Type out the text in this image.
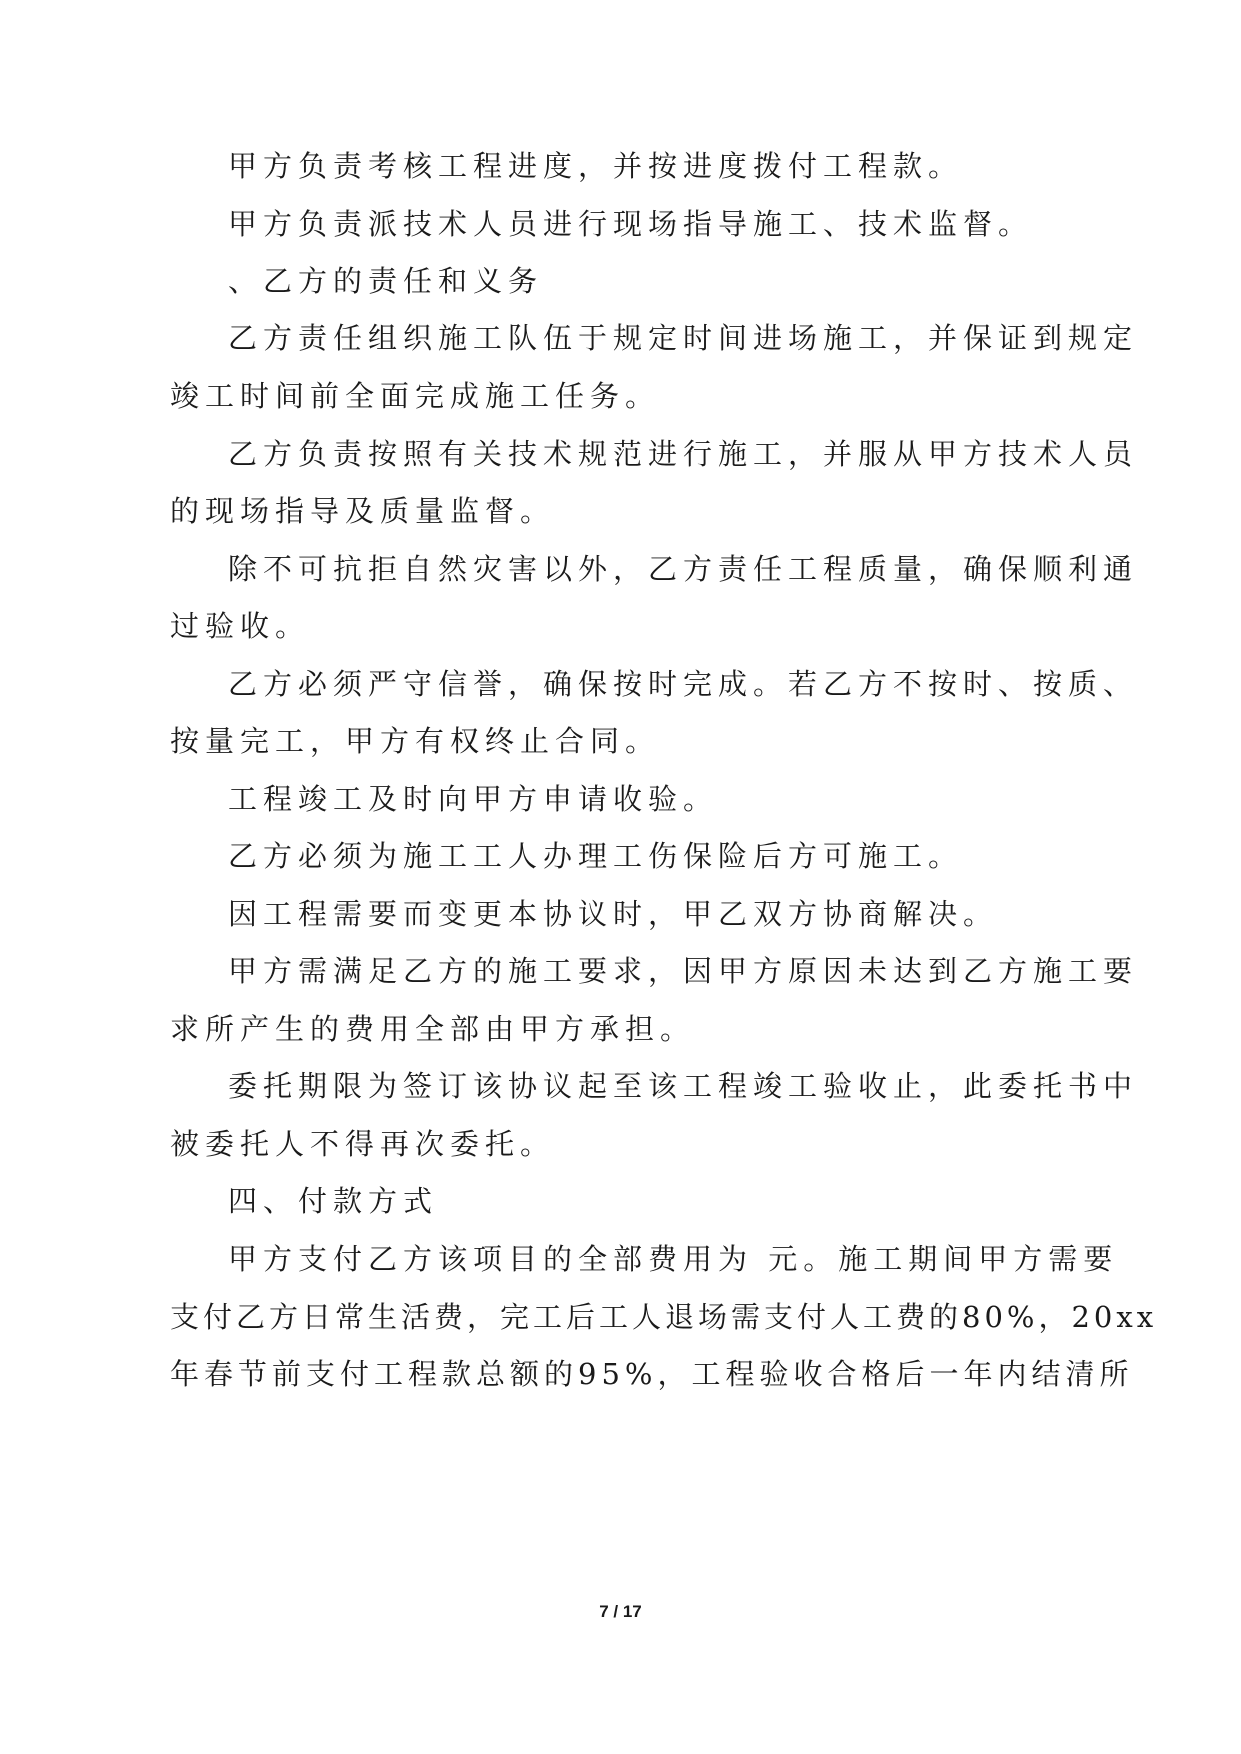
甲方负责考核工程进度，并按进度拨付工程款。
甲方负责派技术人员进行现场指导施工、技术监督。
、乙方的责任和义务
乙方责任组织施工队伍于规定时间进场施工，并保证到规定
竣工时间前全面完成施工任务。
乙方负责按照有关技术规范进行施工，并服从甲方技术人员
的现场指导及质量监督。
除不可抗拒自然灾害以外，乙方责任工程质量，确保顺利通
过验收。
乙方必须严守信誉，确保按时完成。若乙方不按时、按质、
按量完工，甲方有权终止合同。
工程竣工及时向甲方申请收验。
乙方必须为施工工人办理工伤保险后方可施工。
因工程需要而变更本协议时，甲乙双方协商解决。
甲方需满足乙方的施工要求，因甲方原因未达到乙方施工要
求所产生的费用全部由甲方承担。
委托期限为签订该协议起至该工程竣工验收止，此委托书中
被委托人不得再次委托。
四、付款方式
甲方支付乙方该项目的全部费用为 元。施工期间甲方需要
支付乙方日常生活费，完工后工人退场需支付人工费的80%，20xx
年春节前支付工程款总额的95%，工程验收合格后一年内结清所
7 / 17
